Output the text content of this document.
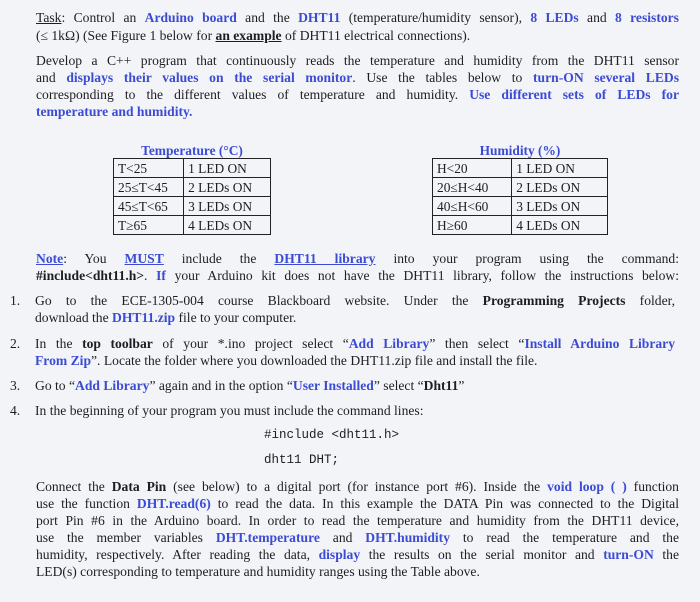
Task: Control an Arduino board and the DHT11 (temperature/humidity sensor), 8 LEDs and 8 resistors
(≤ 1kΩ) (See Figure 1 below for an example of DHT11 electrical connections).
Develop a C++ program that continuously reads the temperature and humidity from the DHT11 sensor
and displays their values on the serial monitor. Use the tables below to turn-ON several LEDs
corresponding to the different values of temperature and humidity. Use different sets of LEDs for
temperature and humidity.
Temperature (°C)	
T<25	1 LED ON
25≤T<45	2 LEDs ON
45≤T<65	3 LEDs ON
T≥65	4 LEDs ON
Humidity (%)	
H<20	1 LED ON
20≤H<40	2 LEDs ON
40≤H<60	3 LEDs ON
H≥60	4 LEDs ON
Note: You MUST include the DHT11 library into your program using the command:
#include<dht11.h>. If your Arduino kit does not have the DHT11 library, follow the instructions below:
1. Go to the ECE-1305-004 course Blackboard website. Under the Programming Projects folder,
download the DHT11.zip file to your computer.
2. In the top toolbar of your *.ino project select “Add Library” then select “Install Arduino Library
From Zip”. Locate the folder where you downloaded the DHT11.zip file and install the file.
3. Go to “Add Library” again and in the option “User Installed” select “Dht11”
4. In the beginning of your program you must include the command lines:
#include <dht11.h>
dht11 DHT;
Connect the Data Pin (see below) to a digital port (for instance port #6). Inside the void loop ( ) function
use the function DHT.read(6) to read the data. In this example the DATA Pin was connected to the Digital
port Pin #6 in the Arduino board. In order to read the temperature and humidity from the DHT11 device,
use the member variables DHT.temperature and DHT.humidity to read the temperature and the
humidity, respectively. After reading the data, display the results on the serial monitor and turn-ON the
LED(s) corresponding to temperature and humidity ranges using the Table above.
